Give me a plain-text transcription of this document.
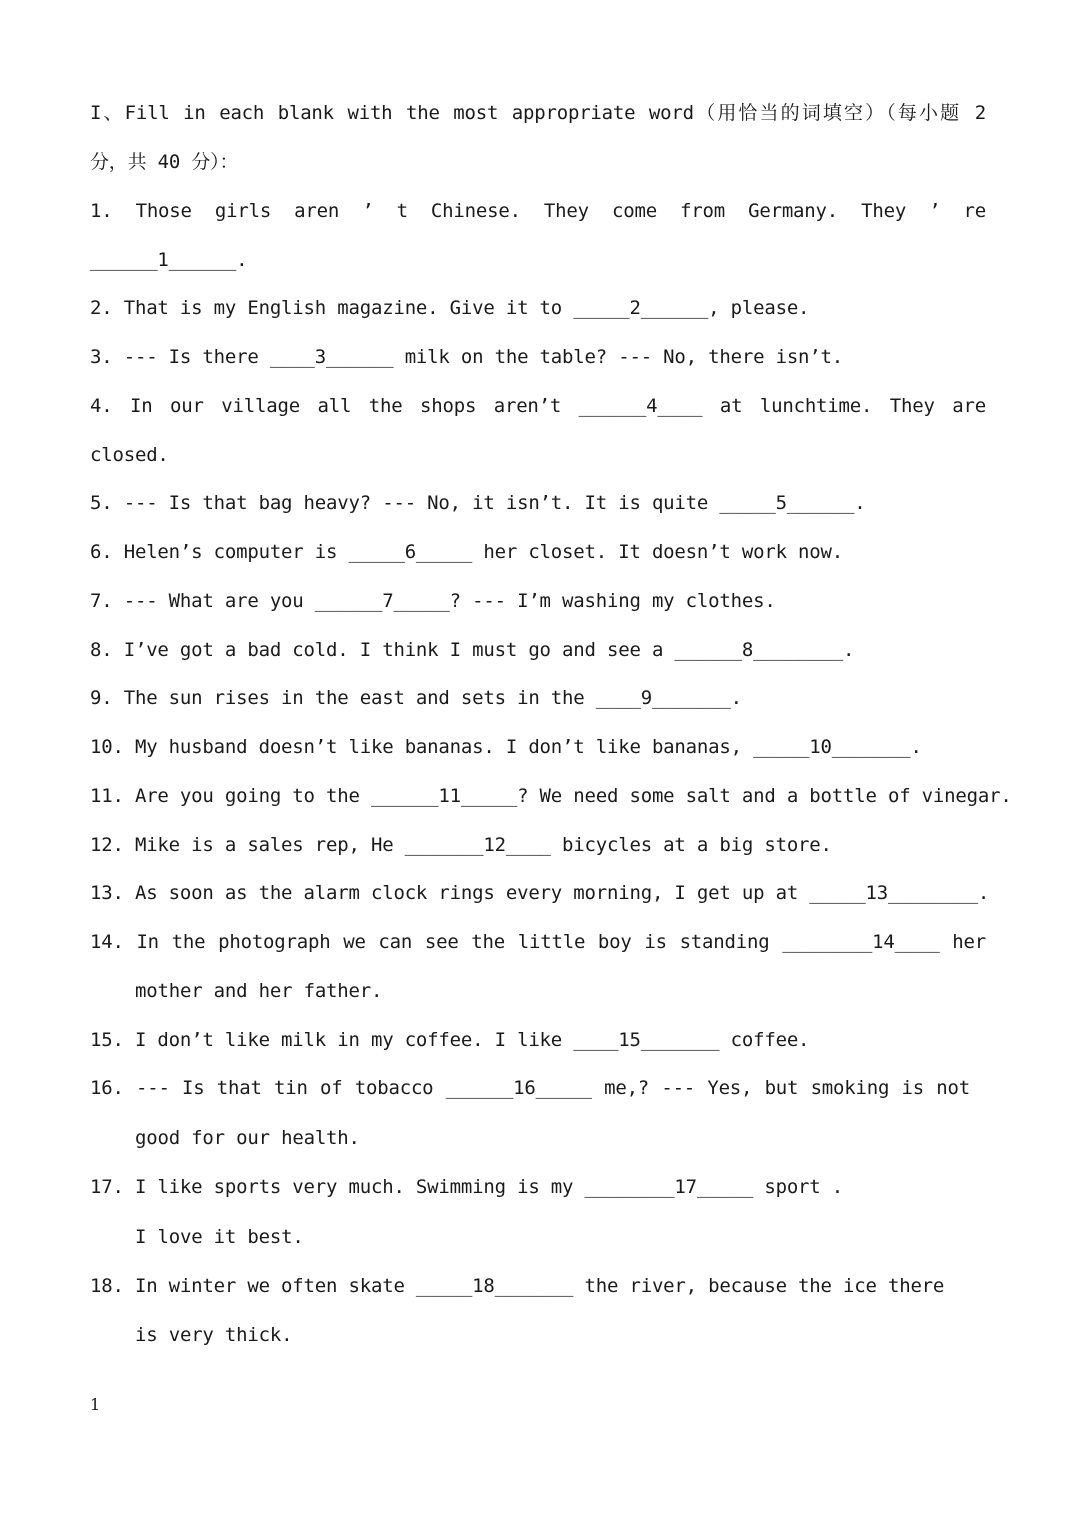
I、Fill in each blank with the most appropriate word（用恰当的词填空）（每小题 2
分，共 40 分）：
1. Those girls aren ’ t Chinese. They come from Germany. They ’ re
______1______.
2. That is my English magazine. Give it to _____2______, please.
3. --- Is there ____3______ milk on the table? --- No, there isn’t.
4. In our village all the shops aren’t ______4____ at lunchtime. They are
closed.
5. --- Is that bag heavy? --- No, it isn’t. It is quite _____5______.
6. Helen’s computer is _____6_____ her closet. It doesn’t work now.
7. --- What are you ______7_____? --- I’m washing my clothes.
8. I’ve got a bad cold. I think I must go and see a ______8________.
9. The sun rises in the east and sets in the ____9_______.
10. My husband doesn’t like bananas. I don’t like bananas, _____10_______.
11. Are you going to the ______11_____? We need some salt and a bottle of vinegar.
12. Mike is a sales rep, He _______12____ bicycles at a big store.
13. As soon as the alarm clock rings every morning, I get up at _____13________.
14. In the photograph we can see the little boy is standing ________14____ her
mother and her father.
15. I don’t like milk in my coffee. I like ____15_______ coffee.
16. --- Is that tin of tobacco ______16_____ me,? --- Yes, but smoking is not
good for our health.
17. I like sports very much. Swimming is my ________17_____ sport .
I love it best.
18. In winter we often skate _____18_______ the river, because the ice there
is very thick.
1
